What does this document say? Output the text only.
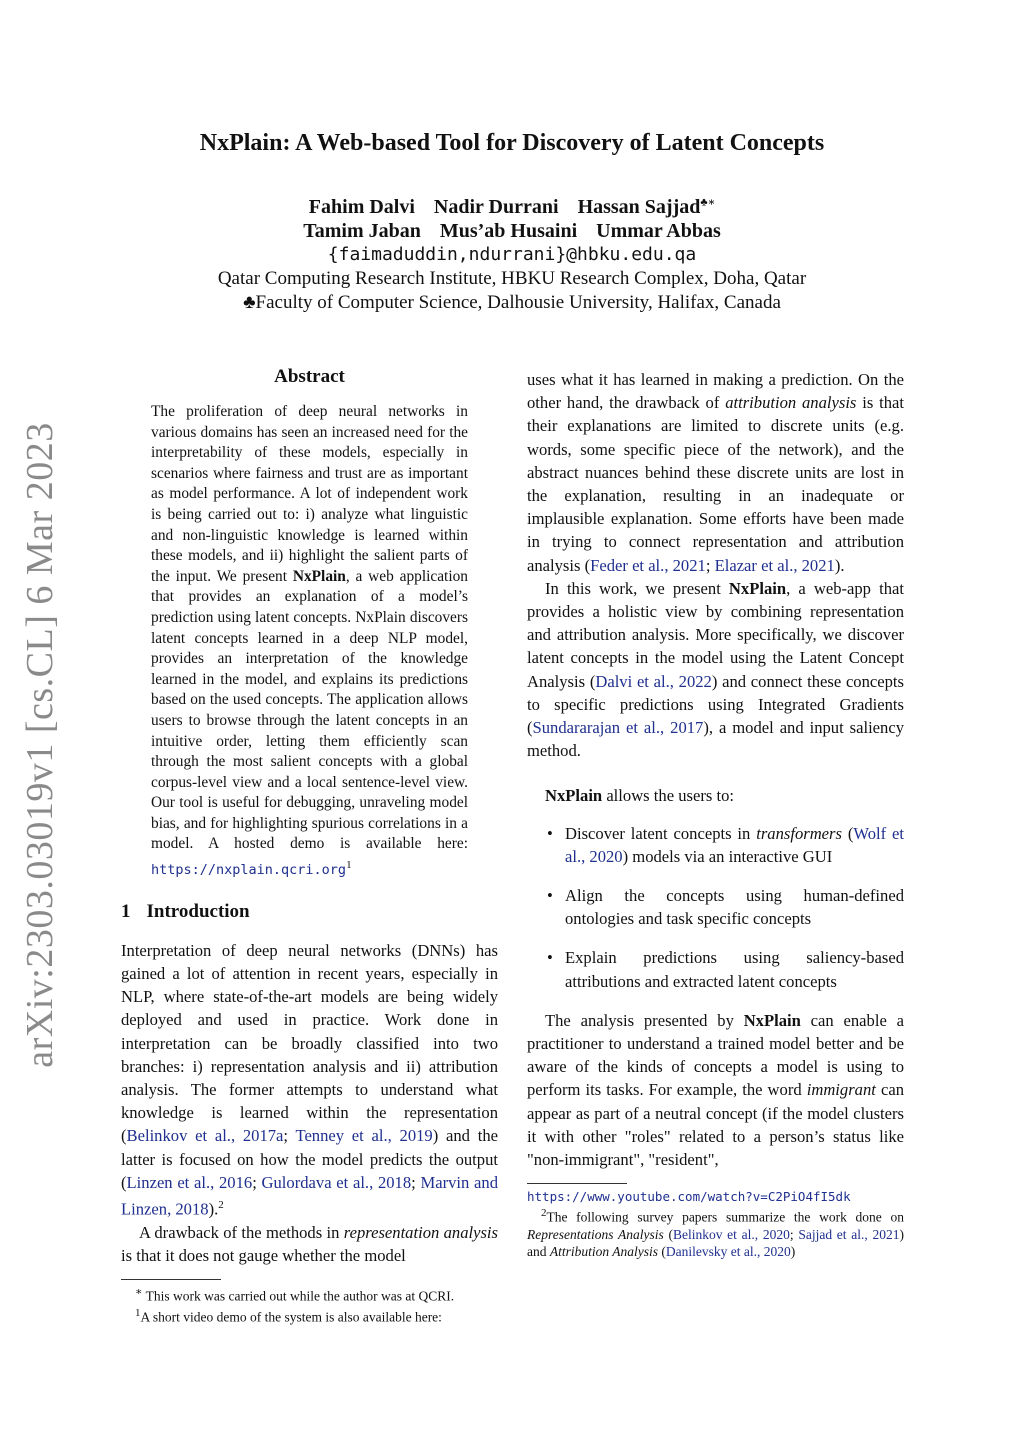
arXiv:2303.03019v1 [cs.CL] 6 Mar 2023
NxPlain: A Web-based Tool for Discovery of Latent Concepts
Fahim Dalvi Nadir Durrani Hassan Sajjad♣∗
Tamim Jaban Mus’ab Husaini Ummar Abbas
{faimaduddin,ndurrani}@hbku.edu.qa
Qatar Computing Research Institute, HBKU Research Complex, Doha, Qatar
♣Faculty of Computer Science, Dalhousie University, Halifax, Canada
Abstract
The proliferation of deep neural networks in various domains has seen an increased need for the interpretability of these models, especially in scenarios where fairness and trust are as important as model performance. A lot of independent work is being carried out to: i) analyze what linguistic and non-linguistic knowledge is learned within these models, and ii) highlight the salient parts of the input. We present NxPlain, a web application that provides an explanation of a model’s prediction using latent concepts. NxPlain discovers latent concepts learned in a deep NLP model, provides an interpretation of the knowledge learned in the model, and explains its predictions based on the used concepts. The application allows users to browse through the latent concepts in an intuitive order, letting them efficiently scan through the most salient concepts with a global corpus-level view and a local sentence-level view. Our tool is useful for debugging, unraveling model bias, and for highlighting spurious correlations in a model. A hosted demo is available here: https://nxplain.qcri.org$^1$
1 Introduction

Interpretation of deep neural networks (DNNs) has gained a lot of attention in recent years, especially in NLP, where state-of-the-art models are being widely deployed and used in practice. Work done in interpretation can be broadly classified into two branches: i) representation analysis and ii) attribution analysis. The former attempts to understand what knowledge is learned within the representation (Belinkov et al., 2017a; Tenney et al., 2019) and the latter is focused on how the model predicts the output (Linzen et al., 2016; Gulordava et al., 2018; Marvin and Linzen, 2018).$^2$

A drawback of the methods in representation analysis is that it does not gauge whether the model

∗ This work was carried out while the author was at QCRI.
$^1$A short video demo of the system is also available here:

uses what it has learned in making a prediction. On the other hand, the drawback of attribution analysis is that their explanations are limited to discrete units (e.g. words, some specific piece of the network), and the abstract nuances behind these discrete units are lost in the explanation, resulting in an inadequate or implausible explanation. Some efforts have been made in trying to connect representation and attribution analysis (Feder et al., 2021; Elazar et al., 2021).

In this work, we present NxPlain, a web-app that provides a holistic view by combining representation and attribution analysis. More specifically, we discover latent concepts in the model using the Latent Concept Analysis (Dalvi et al., 2022) and connect these concepts to specific predictions using Integrated Gradients (Sundararajan et al., 2017), a model and input saliency method.

NxPlain allows the users to:

• Discover latent concepts in transformers (Wolf et al., 2020) models via an interactive GUI
• Align the concepts using human-defined ontologies and task specific concepts
• Explain predictions using saliency-based attributions and extracted latent concepts

The analysis presented by NxPlain can enable a practitioner to understand a trained model better and be aware of the kinds of concepts a model is using to perform its tasks. For example, the word immigrant can appear as part of a neutral concept (if the model clusters it with other "roles" related to a person’s status like "non-immigrant", "resident",

https://www.youtube.com/watch?v=C2PiO4fI5dk
$^2$The following survey papers summarize the work done on Representations Analysis (Belinkov et al., 2020; Sajjad et al., 2021) and Attribution Analysis (Danilevsky et al., 2020)
